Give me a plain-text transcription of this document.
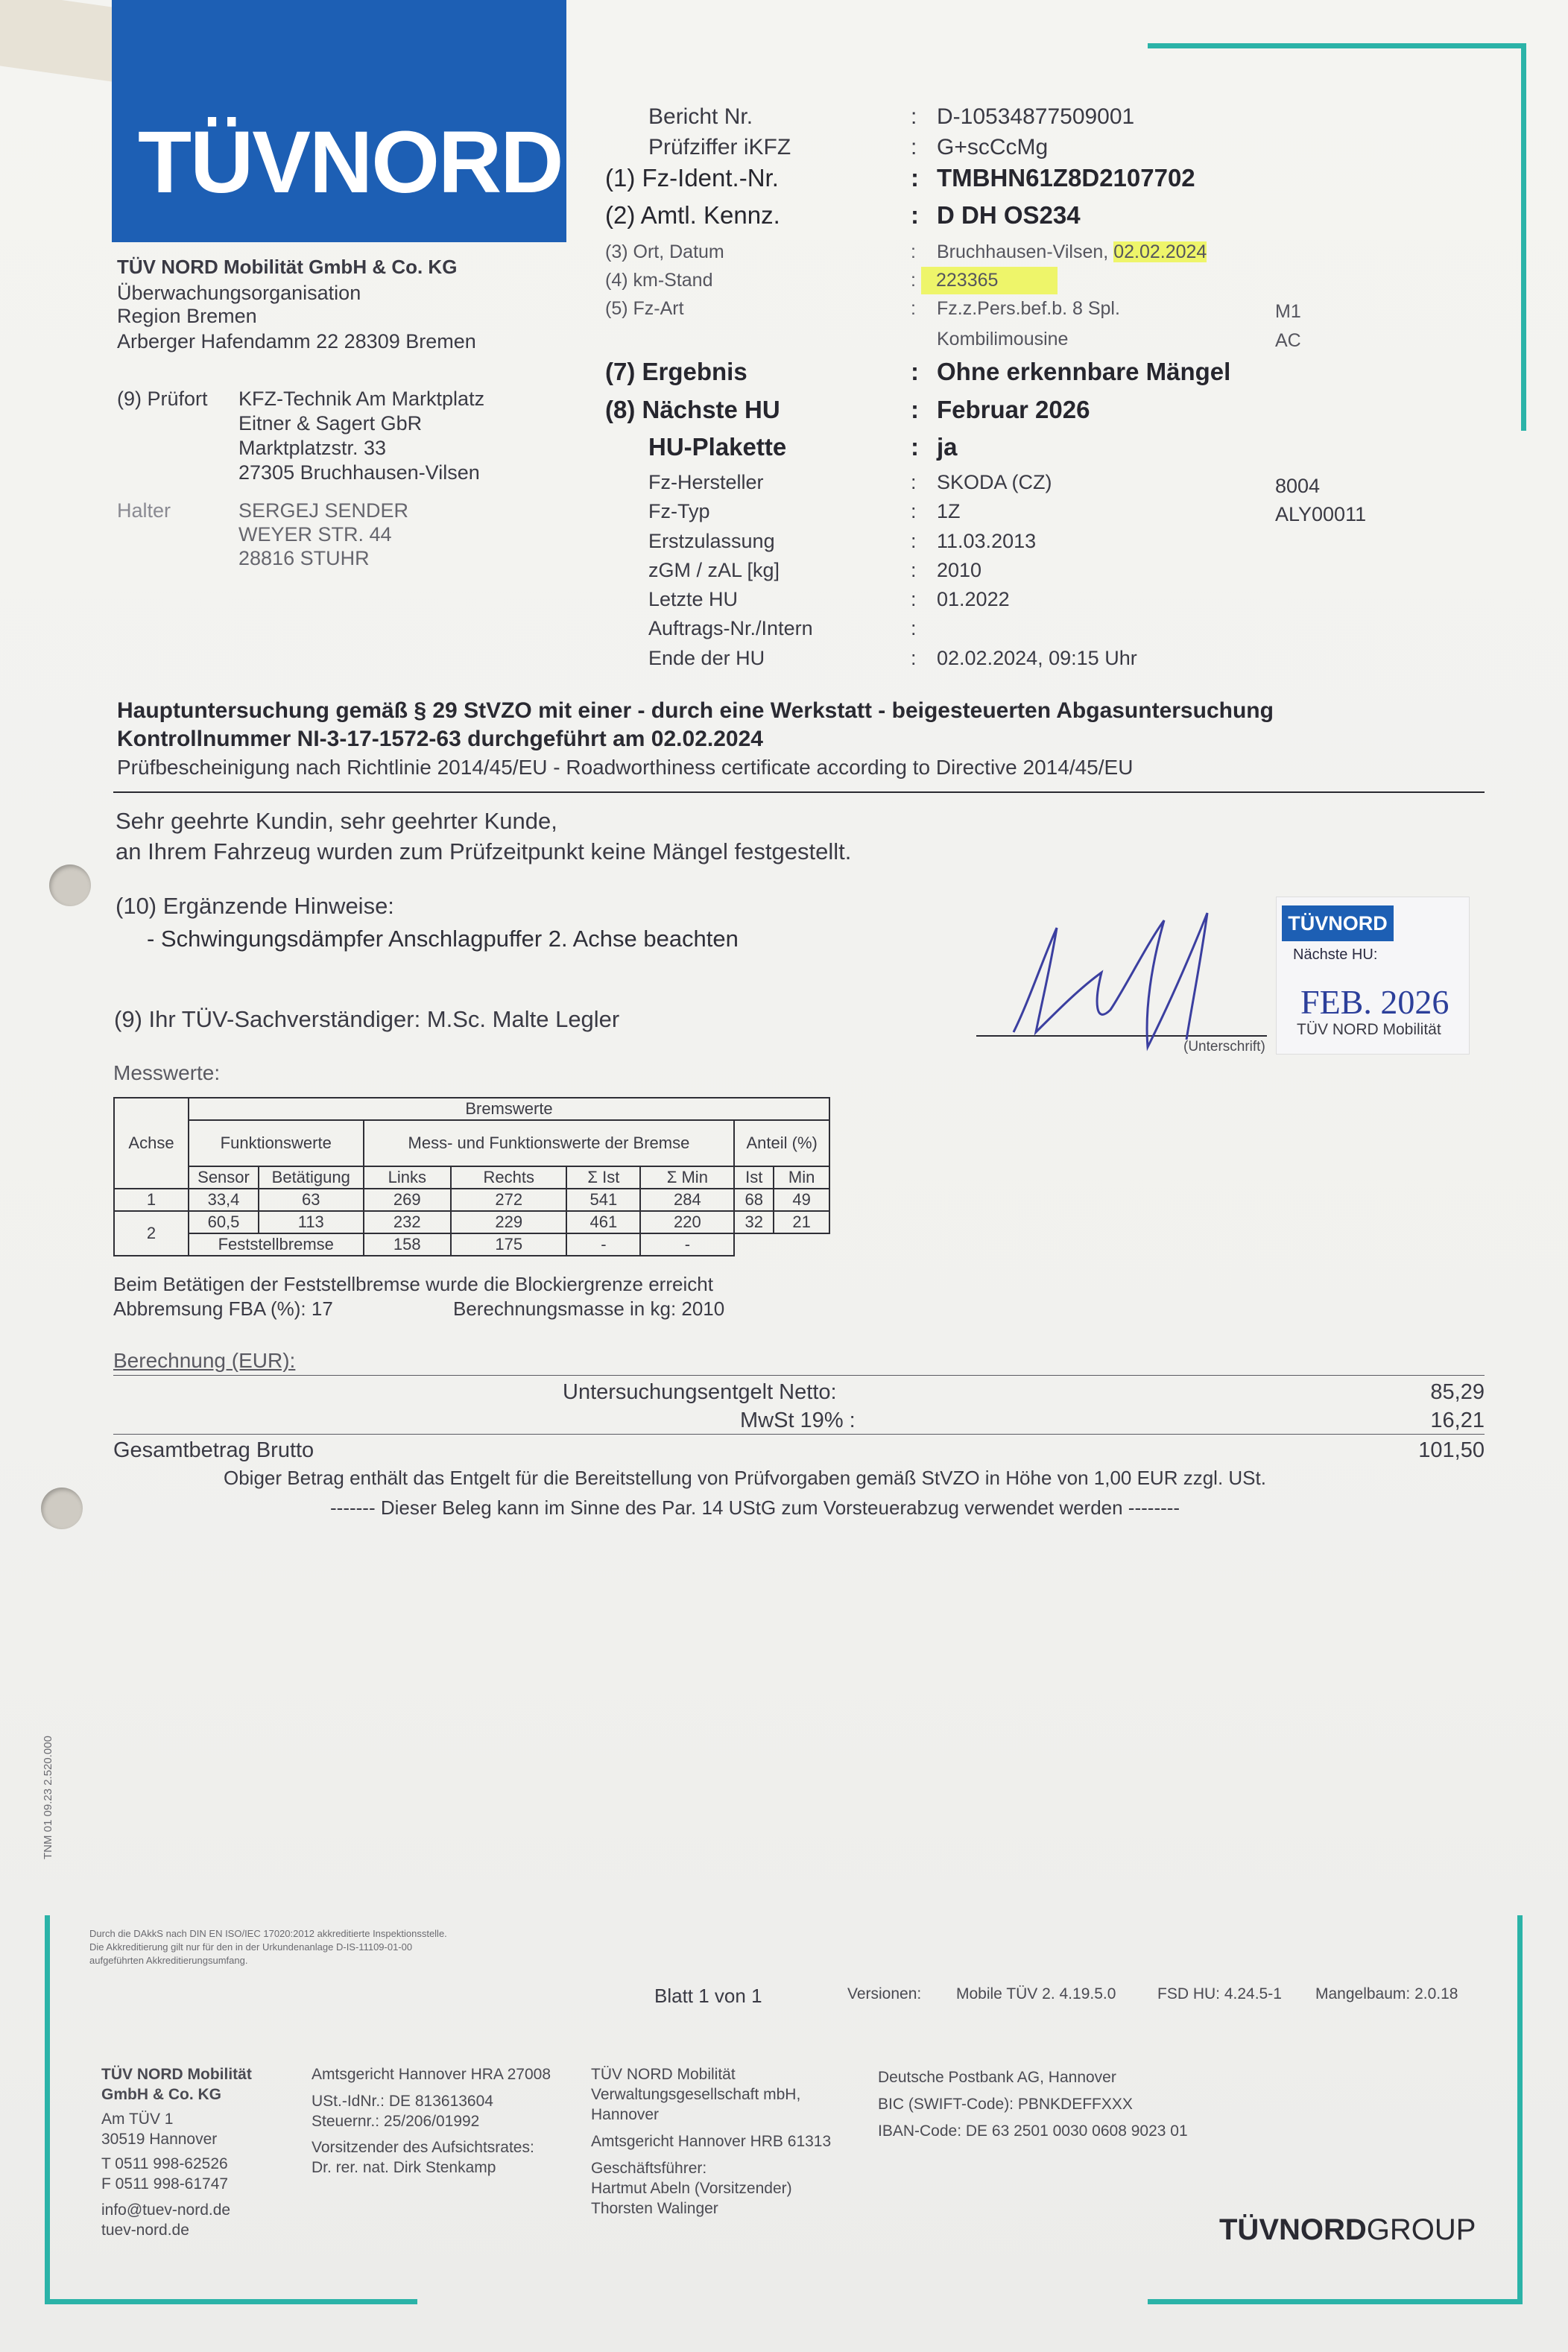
TÜVNORD
TÜV NORD Mobilität GmbH & Co. KG
Überwachungsorganisation
Region Bremen
Arberger Hafendamm 22 28309 Bremen
(9) Prüfort KFZ-Technik Am Marktplatz
Eitner & Sagert GbR
Marktplatzstr. 33
27305 Bruchhausen-Vilsen
Halter	SERGEJ SENDER
WEYER STR. 44
28816 STUHR
Bericht Nr.	: D-10534877509001
Prüfziffer iKFZ	: G+scCcMg
(1) Fz-Ident.-Nr.	: TMBHN61Z8D2107702
(2) Amtl. Kennz.	: D DH OS234
(3) Ort, Datum	: Bruchhausen-Vilsen, 02.02.2024
(4) km-Stand	:	223365
(5) Fz-Art	: Fz.z.Pers.bef.b. 8 Spl.	M1
Kombilimousine	AC
(7) Ergebnis	: Ohne erkennbare Mängel
(8) Nächste HU	: Februar 2026
HU-Plakette	: ja
Fz-Hersteller	: SKODA (CZ)	8004
Fz-Typ	: 1Z	ALY00011
Erstzulassung	: 11.03.2013
zGM / zAL [kg]	: 2010
Letzte HU	: 01.2022
Auftrags-Nr./Intern	:
Ende der HU	: 02.02.2024, 09:15 Uhr
Hauptuntersuchung gemäß § 29 StVZO mit einer - durch eine Werkstatt - beigesteuerten Abgasuntersuchung
Kontrollnummer NI-3-17-1572-63 durchgeführt am 02.02.2024
Prüfbescheinigung nach Richtlinie 2014/45/EU - Roadworthiness certificate according to Directive 2014/45/EU
Sehr geehrte Kundin, sehr geehrter Kunde,
an Ihrem Fahrzeug wurden zum Prüfzeitpunkt keine Mängel festgestellt.
(10) Ergänzende Hinweise:
- Schwingungsdämpfer Anschlagpuffer 2. Achse beachten
(9) Ihr TÜV-Sachverständiger: M.Sc. Malte Legler
(Unterschrift)
TÜVNORD
Nächste HU:
FEB. 2026
TÜV NORD Mobilität
Messwerte:
Achse	Bremswerte							
	Funktionswerte		Mess- und Funktionswerte der Bremse				Anteil (%)	
	Sensor	Betätigung	Links	Rechts	Σ Ist	Σ Min	Ist	Min
1	33,4	63	269	272	541	284	68	49
2	60,5	113	232	229	461	220	32	21
	Feststellbremse		158	175	-	-		
Beim Betätigen der Feststellbremse wurde die Blockiergrenze erreicht
Abbremsung FBA (%): 17	Berechnungsmasse in kg: 2010
Berechnung (EUR):
Untersuchungsentgelt Netto:	85,29
MwSt 19% :	16,21
Gesamtbetrag Brutto	101,50
Obiger Betrag enthält das Entgelt für die Bereitstellung von Prüfvorgaben gemäß StVZO in Höhe von 1,00 EUR zzgl. USt.
------- Dieser Beleg kann im Sinne des Par. 14 UStG zum Vorsteuerabzug verwendet werden --------
TNM 01 09.23 2.520.000
Durch die DAkkS nach DIN EN ISO/IEC 17020:2012 akkreditierte Inspektionsstelle.
Die Akkreditierung gilt nur für den in der Urkundenanlage D-IS-11109-01-00
aufgeführten Akkreditierungsumfang.
Blatt 1 von 1	Versionen: Mobile TÜV 2. 4.19.5.0	FSD HU: 4.24.5-1 Mangelbaum: 2.0.18
TÜV NORD Mobilität
GmbH & Co. KG
Am TÜV 1
30519 Hannover
T 0511 998-62526
F 0511 998-61747
info@tuev-nord.de
tuev-nord.de
Amtsgericht Hannover HRA 27008
USt.-IdNr.: DE 813613604
Steuernr.: 25/206/01992
Vorsitzender des Aufsichtsrates:
Dr. rer. nat. Dirk Stenkamp
TÜV NORD Mobilität
Verwaltungsgesellschaft mbH,
Hannover
Amtsgericht Hannover HRB 61313
Geschäftsführer:
Hartmut Abeln (Vorsitzender)
Thorsten Walinger
Deutsche Postbank AG, Hannover
BIC (SWIFT-Code): PBNKDEFFXXX
IBAN-Code: DE 63 2501 0030 0608 9023 01
TÜVNORDGROUP
